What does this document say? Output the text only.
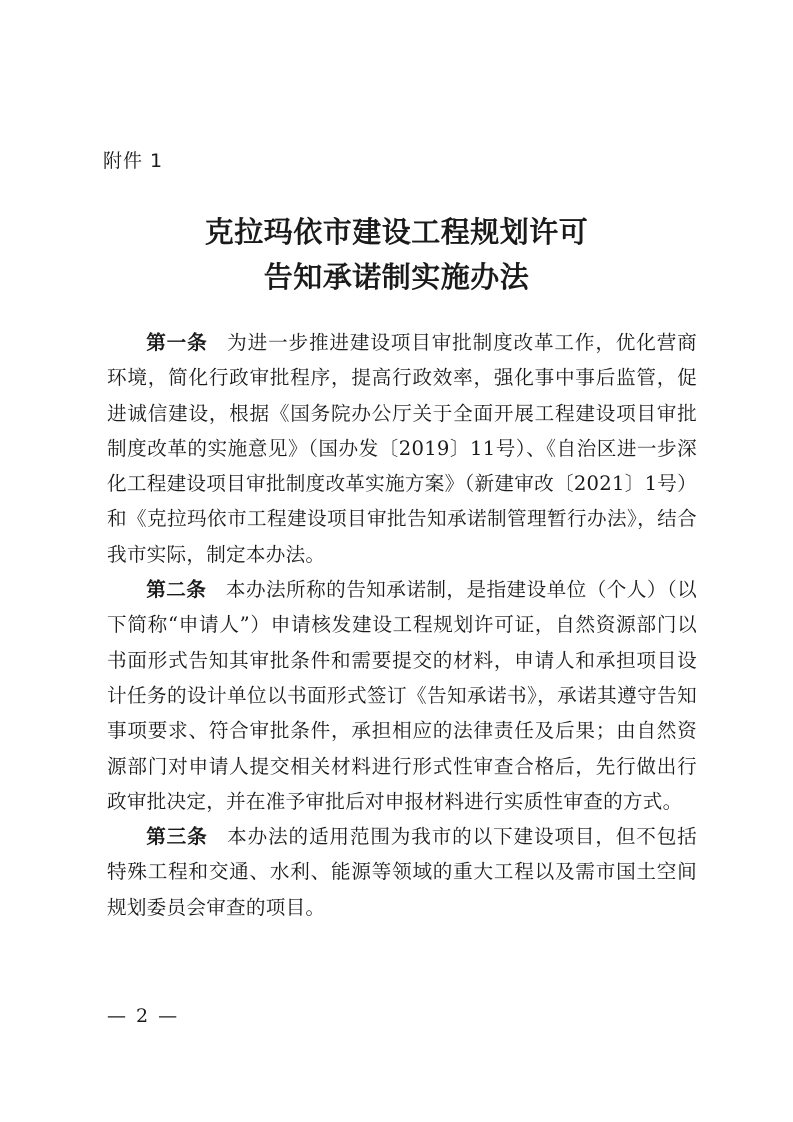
附件 1
克拉玛依市建设工程规划许可
告知承诺制实施办法

第一条 为进一步推进建设项目审批制度改革工作，优化营商环境，简化行政审批程序，提高行政效率，强化事中事后监管，促进诚信建设，根据《国务院办公厅关于全面开展工程建设项目审批制度改革的实施意见》（国办发〔2019〕11号）、《自治区进一步深化工程建设项目审批制度改革实施方案》（新建审改〔2021〕1号）和《克拉玛依市工程建设项目审批告知承诺制管理暂行办法》，结合我市实际，制定本办法。

第二条 本办法所称的告知承诺制，是指建设单位（个人）（以下简称“申请人”）申请核发建设工程规划许可证，自然资源部门以书面形式告知其审批条件和需要提交的材料，申请人和承担项目设计任务的设计单位以书面形式签订《告知承诺书》，承诺其遵守告知事项要求、符合审批条件，承担相应的法律责任及后果；由自然资源部门对申请人提交相关材料进行形式性审查合格后，先行做出行政审批决定，并在准予审批后对申报材料进行实质性审查的方式。

第三条 本办法的适用范围为我市的以下建设项目，但不包括特殊工程和交通、水利、能源等领域的重大工程以及需市国土空间规划委员会审查的项目。

— 2 —
